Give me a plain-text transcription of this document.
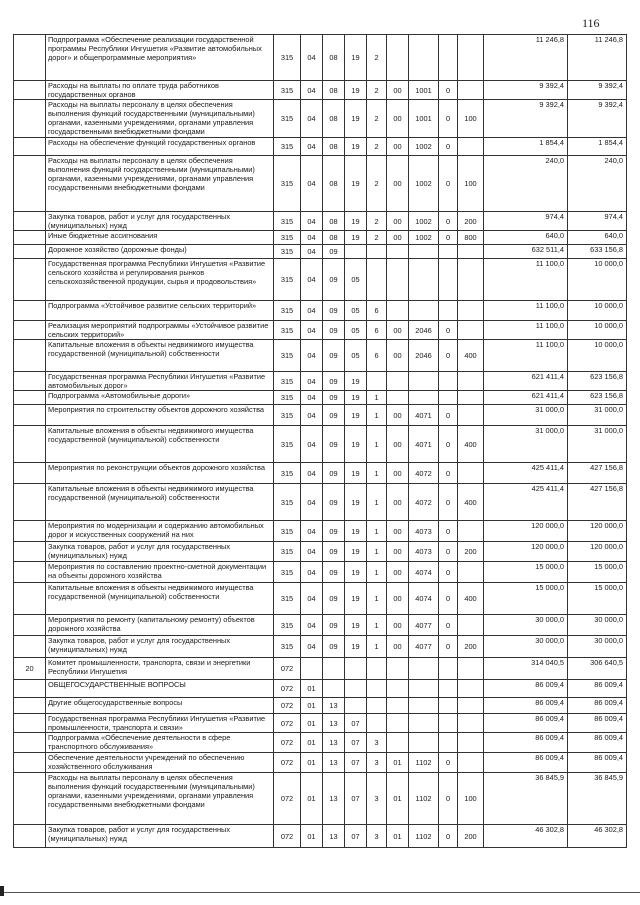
116
	Подпрограмма «Обеспечение реализации государственной программы Республики Ингушетия «Развитие автомобильных дорог» и общепрограммные мероприятия»	315	04	08	19	2					11 246,8	11 246,8
	Расходы на выплаты по оплате труда работников государственных органов	315	04	08	19	2	00	1001	0		9 392,4	9 392,4
	Расходы на выплаты персоналу в целях обеспечения выполнения функций государственными (муниципальными) органами, казенными учреждениями, органами управления государственными внебюджетными фондами	315	04	08	19	2	00	1001	0	100	9 392,4	9 392,4
	Расходы на обеспечение функций государственных органов	315	04	08	19	2	00	1002	0		1 854,4	1 854,4
	Расходы на выплаты персоналу в целях обеспечения выполнения функций государственными (муниципальными) органами, казенными учреждениями, органами управления государственными внебюджетными фондами	315	04	08	19	2	00	1002	0	100	240,0	240,0
	Закупка товаров, работ и услуг для государственных (муниципальных) нужд	315	04	08	19	2	00	1002	0	200	974,4	974,4
	Иные бюджетные ассигнования	315	04	08	19	2	00	1002	0	800	640,0	640,0
	Дорожное хозяйство (дорожные фонды)	315	04	09							632 511,4	633 156,8
	Государственная программа Республики Ингушетия «Развитие сельского хозяйства и регулирования рынков сельскохозяйственной продукции, сырья и продовольствия»	315	04	09	05						11 100,0	10 000,0
	Подпрограмма «Устойчивое развитие сельских территорий»	315	04	09	05	6					11 100,0	10 000,0
	Реализация мероприятий подпрограммы «Устойчивое развитие сельских территорий»	315	04	09	05	6	00	2046	0		11 100,0	10 000,0
	Капитальные вложения в объекты недвижимого имущества государственной (муниципальной) собственности	315	04	09	05	6	00	2046	0	400	11 100,0	10 000,0
	Государственная программа Республики Ингушетия «Развитие автомобильных дорог»	315	04	09	19						621 411,4	623 156,8
	Подпрограмма «Автомобильные дороги»	315	04	09	19	1					621 411,4	623 156,8
	Мероприятия по строительству объектов дорожного хозяйства	315	04	09	19	1	00	4071	0		31 000,0	31 000,0
	Капитальные вложения в объекты недвижимого имущества государственной (муниципальной) собственности	315	04	09	19	1	00	4071	0	400	31 000,0	31 000,0
	Мероприятия по реконструкции объектов дорожного хозяйства	315	04	09	19	1	00	4072	0		425 411,4	427 156,8
	Капитальные вложения в объекты недвижимого имущества государственной (муниципальной) собственности	315	04	09	19	1	00	4072	0	400	425 411,4	427 156,8
	Мероприятия по модернизации и содержанию автомобильных дорог и искусственных сооружений на них	315	04	09	19	1	00	4073	0		120 000,0	120 000,0
	Закупка товаров, работ и услуг для государственных (муниципальных) нужд	315	04	09	19	1	00	4073	0	200	120 000,0	120 000,0
	Мероприятия по составлению проектно-сметной документации на объекты дорожного хозяйства	315	04	09	19	1	00	4074	0		15 000,0	15 000,0
	Капитальные вложения в объекты недвижимого имущества государственной (муниципальной) собственности	315	04	09	19	1	00	4074	0	400	15 000,0	15 000,0
	Мероприятия по ремонту (капитальному ремонту) объектов дорожного хозяйства	315	04	09	19	1	00	4077	0		30 000,0	30 000,0
	Закупка товаров, работ и услуг для государственных (муниципальных) нужд	315	04	09	19	1	00	4077	0	200	30 000,0	30 000,0
20	Комитет промышленности, транспорта, связи и энергетики Республики Ингушетия	072									314 040,5	306 640,5
	ОБЩЕГОСУДАРСТВЕННЫЕ ВОПРОСЫ	072	01								86 009,4	86 009,4
	Другие общегосударственные вопросы	072	01	13							86 009,4	86 009,4
	Государственная программа Республики Ингушетия «Развитие промышленности, транспорта и связи»	072	01	13	07						86 009,4	86 009,4
	Подпрограмма «Обеспечение деятельности в сфере транспортного обслуживания»	072	01	13	07	3					86 009,4	86 009,4
	Обеспечение деятельности учреждений по обеспечению хозяйственного обслуживания	072	01	13	07	3	01	1102	0		86 009,4	86 009,4
	Расходы на выплаты персоналу в целях обеспечения выполнения функций государственными (муниципальными) органами, казенными учреждениями, органами управления государственными внебюджетными фондами	072	01	13	07	3	01	1102	0	100	36 845,9	36 845,9
	Закупка товаров, работ и услуг для государственных (муниципальных) нужд	072	01	13	07	3	01	1102	0	200	46 302,8	46 302,8
